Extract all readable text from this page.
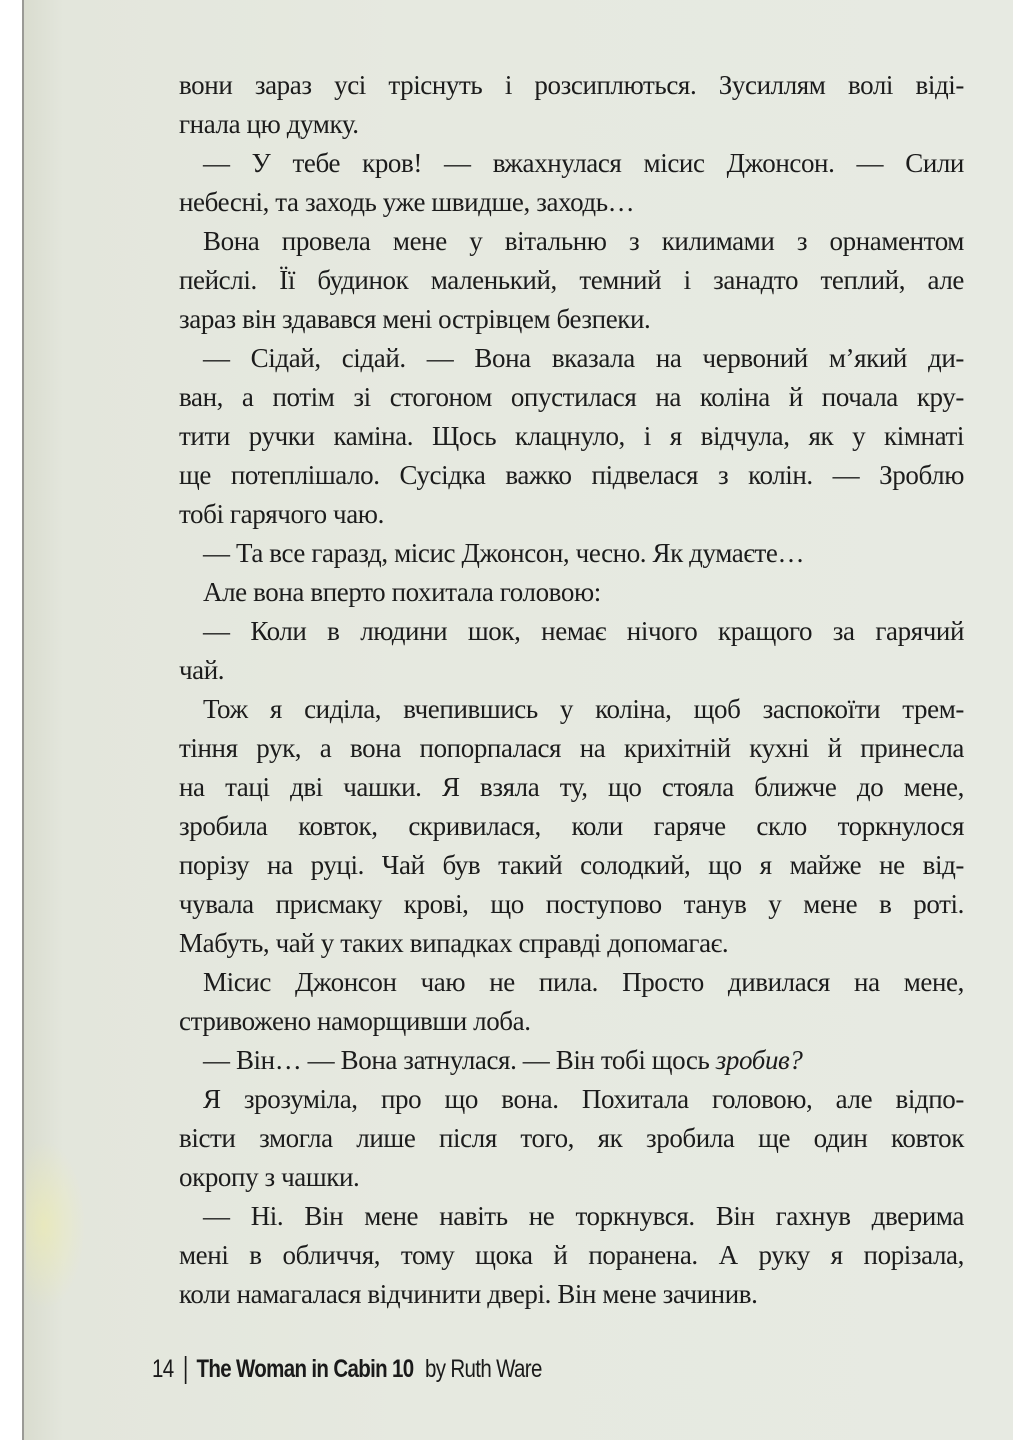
вони зараз усі тріснуть і розсиплються. Зусиллям волі віді-
гнала цю думку.
— У тебе кров! — вжахнулася місис Джонсон. — Сили
небесні, та заходь уже швидше, заходь…
Вона провела мене у вітальню з килимами з орнаментом
пейслі. Її будинок маленький, темний і занадто теплий, але
зараз він здавався мені острівцем безпеки.
— Сідай, сідай. — Вона вказала на червоний м’який ди-
ван, а потім зі стогоном опустилася на коліна й почала кру-
тити ручки каміна. Щось клацнуло, і я відчула, як у кімнаті
ще потеплішало. Сусідка важко підвелася з колін. — Зроблю
тобі гарячого чаю.
— Та все гаразд, місис Джонсон, чесно. Як думаєте…
Але вона вперто похитала головою:
— Коли в людини шок, немає нічого кращого за гарячий
чай.
Тож я сиділа, вчепившись у коліна, щоб заспокоїти трем-
тіння рук, а вона попорпалася на крихітній кухні й принесла
на таці дві чашки. Я взяла ту, що стояла ближче до мене,
зробила ковток, скривилася, коли гаряче скло торкнулося
порізу на руці. Чай був такий солодкий, що я майже не від-
чувала присмаку крові, що поступово танув у мене в роті.
Мабуть, чай у таких випадках справді допомагає.
Місис Джонсон чаю не пила. Просто дивилася на мене,
стривожено наморщивши лоба.
— Він… — Вона затнулася. — Він тобі щось зробив?
Я зрозуміла, про що вона. Похитала головою, але відпо-
вісти змогла лише після того, як зробила ще один ковток
окропу з чашки.
— Ні. Він мене навіть не торкнувся. Він гахнув дверима
мені в обличчя, тому щока й поранена. А руку я порізала,
коли намагалася відчинити двері. Він мене зачинив.
14 The Woman in Cabin 10 by Ruth Ware
